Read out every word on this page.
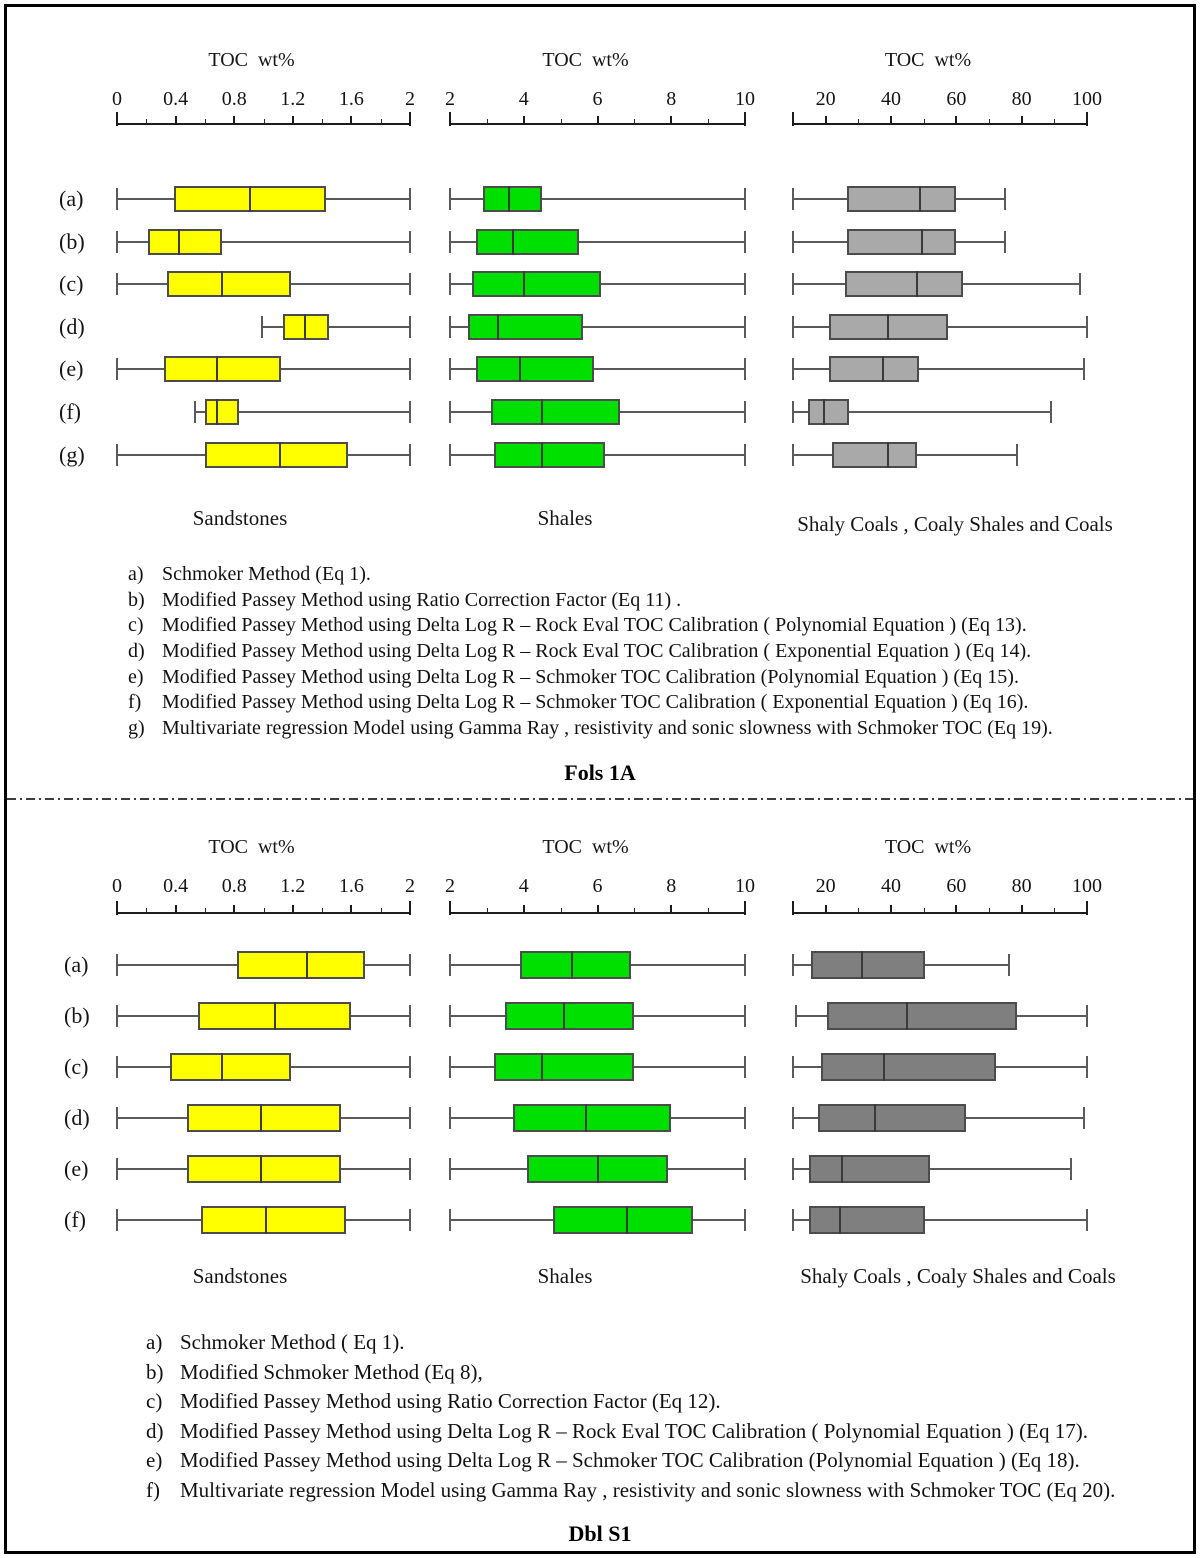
TOC  wt%
0	0.4	0.8	1.2	1.6	2
TOC  wt%
2	4	6	8	10
TOC  wt%
20	40	60	80	100
(a)
(b)
(c)
(d)
(e)
(f)
(g)
TOC  wt%
0	0.4	0.8	1.2	1.6	2
TOC  wt%
2	4	6	8	10
TOC  wt%
20	40	60	80	100
(a)
(b)
(c)
(d)
(e)
(f)
Sandstones	Shales	Shaly Coals , Coaly Shales and Coals
Sandstones	Shales	Shaly Coals , Coaly Shales and Coals
a) Schmoker Method (Eq 1).
b) Modified Passey Method using Ratio Correction Factor (Eq 11) .
c) Modified Passey Method using Delta Log R – Rock Eval TOC Calibration ( Polynomial Equation ) (Eq 13).
d) Modified Passey Method using Delta Log R – Rock Eval TOC Calibration ( Exponential Equation ) (Eq 14).
e) Modified Passey Method using Delta Log R – Schmoker TOC Calibration (Polynomial Equation ) (Eq 15).
f)	Modified Passey Method using Delta Log R – Schmoker TOC Calibration ( Exponential Equation ) (Eq 16).
g) Multivariate regression Model using Gamma Ray , resistivity and sonic slowness with Schmoker TOC (Eq 19).
a) Schmoker Method ( Eq 1).
b) Modified Schmoker Method (Eq 8),
c) Modified Passey Method using Ratio Correction Factor (Eq 12).
d) Modified Passey Method using Delta Log R – Rock Eval TOC Calibration ( Polynomial Equation ) (Eq 17).
e) Modified Passey Method using Delta Log R – Schmoker TOC Calibration (Polynomial Equation ) (Eq 18).
f) Multivariate regression Model using Gamma Ray , resistivity and sonic slowness with Schmoker TOC (Eq 20).
Fols 1A
Dbl S1
